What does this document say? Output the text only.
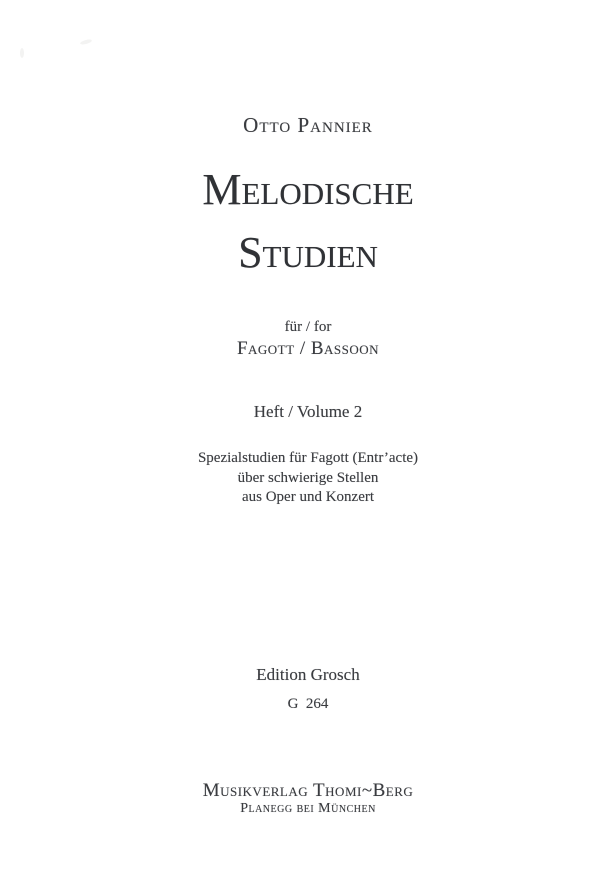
Otto Pannier
Melodische
Studien
für / for
Fagott / Bassoon
Heft / Volume 2
Spezialstudien für Fagott (Entr’acte)
über schwierige Stellen
aus Oper und Konzert
Edition Grosch
G  264
Musikverlag Thomi~Berg
Planegg bei München
